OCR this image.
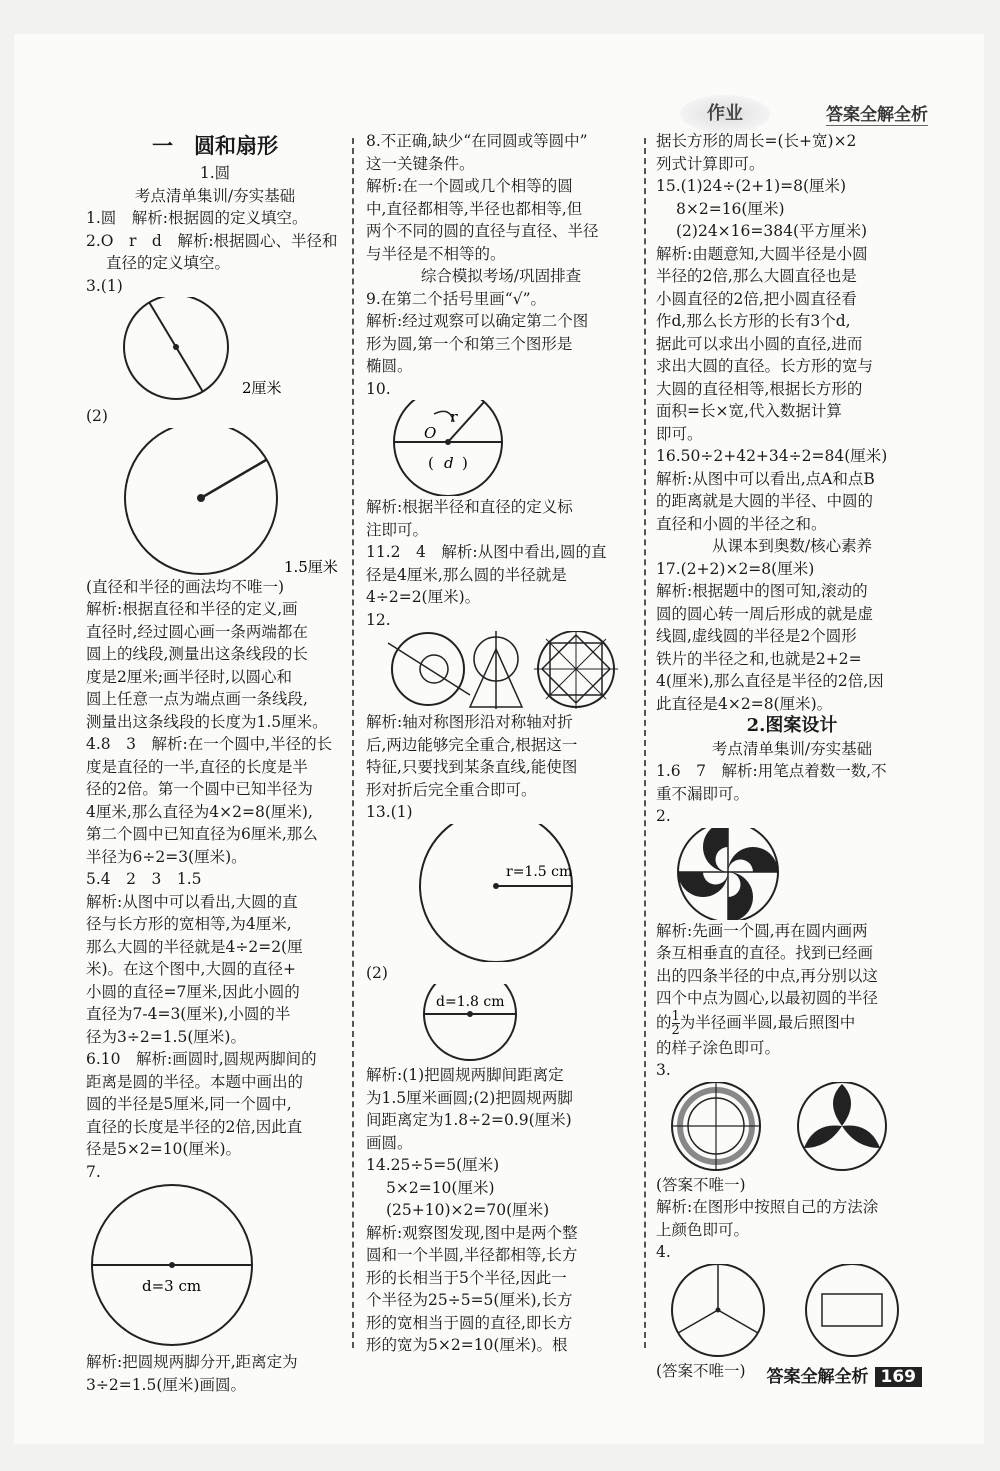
作业	答案全解全析
一　圆和扇形
1.圆
考点清单集训/夯实基础
1.圆　解析:根据圆的定义填空。
2.O　r　d　解析:根据圆心、半径和
直径的定义填空。
3.(1)
2厘米
(2)
1.5厘米
(直径和半径的画法均不唯一)
解析:根据直径和半径的定义,画
直径时,经过圆心画一条两端都在
圆上的线段,测量出这条线段的长
度是2厘米;画半径时,以圆心和
圆上任意一点为端点画一条线段,
测量出这条线段的长度为1.5厘米。
4.8　3　解析:在一个圆中,半径的长
度是直径的一半,直径的长度是半
径的2倍。第一个圆中已知半径为
4厘米,那么直径为4×2=8(厘米),
第二个圆中已知直径为6厘米,那么
半径为6÷2=3(厘米)。
5.4　2　3　1.5
解析:从图中可以看出,大圆的直
径与长方形的宽相等,为4厘米,
那么大圆的半径就是4÷2=2(厘
米)。在这个图中,大圆的直径+
小圆的直径=7厘米,因此小圆的
直径为7-4=3(厘米),小圆的半
径为3÷2=1.5(厘米)。
6.10　解析:画圆时,圆规两脚间的
距离是圆的半径。本题中画出的
圆的半径是5厘米,同一个圆中,
直径的长度是半径的2倍,因此直
径是5×2=10(厘米)。
7.
d=3 cm
解析:把圆规两脚分开,距离定为
3÷2=1.5(厘米)画圆。
8.不正确,缺少“在同圆或等圆中”
这一关键条件。
解析:在一个圆或几个相等的圆
中,直径都相等,半径也都相等,但
两个不同的圆的直径与直径、半径
与半径是不相等的。
综合模拟考场/巩固排查
9.在第二个括号里画“√”。
解析:经过观察可以确定第二个图
形为圆,第一个和第三个图形是
椭圆。
10.
r
O
( d )
解析:根据半径和直径的定义标
注即可。
11.2　4　解析:从图中看出,圆的直
径是4厘米,那么圆的半径就是
4÷2=2(厘米)。
12.
解析:轴对称图形沿对称轴对折
后,两边能够完全重合,根据这一
特征,只要找到某条直线,能使图
形对折后完全重合即可。
13.(1)
r=1.5 cm
(2)
d=1.8 cm
解析:(1)把圆规两脚间距离定
为1.5厘米画圆;(2)把圆规两脚
间距离定为1.8÷2=0.9(厘米)
画圆。
14.25÷5=5(厘米)
5×2=10(厘米)
(25+10)×2=70(厘米)
解析:观察图发现,图中是两个整
圆和一个半圆,半径都相等,长方
形的长相当于5个半径,因此一
个半径为25÷5=5(厘米),长方
形的宽相当于圆的直径,即长方
形的宽为5×2=10(厘米)。根
据长方形的周长=(长+宽)×2
列式计算即可。
15.(1)24÷(2+1)=8(厘米)
8×2=16(厘米)
(2)24×16=384(平方厘米)
解析:由题意知,大圆半径是小圆
半径的2倍,那么大圆直径也是
小圆直径的2倍,把小圆直径看
作d,那么长方形的长有3个d,
据此可以求出小圆的直径,进而
求出大圆的直径。长方形的宽与
大圆的直径相等,根据长方形的
面积=长×宽,代入数据计算
即可。
16.50÷2+42+34÷2=84(厘米)
解析:从图中可以看出,点A和点B
的距离就是大圆的半径、中圆的
直径和小圆的半径之和。
从课本到奥数/核心素养
17.(2+2)×2=8(厘米)
解析:根据题中的图可知,滚动的
圆的圆心转一周后形成的就是虚
线圆,虚线圆的半径是2个圆形
铁片的半径之和,也就是2+2=
4(厘米),那么直径是半径的2倍,因
此直径是4×2=8(厘米)。
2.图案设计
考点清单集训/夯实基础
1.6　7　解析:用笔点着数一数,不
重不漏即可。
2.
解析:先画一个圆,再在圆内画两
条互相垂直的直径。找到已经画
出的四条半径的中点,再分别以这
四个中点为圆心,以最初圆的半径
的 $\frac{1}{2}$ 为半径画半圆,最后照图中
的样子涂色即可。
3.
(答案不唯一)
解析:在图形中按照自己的方法涂
上颜色即可。
4.
(答案不唯一)	答案全解全析 169
